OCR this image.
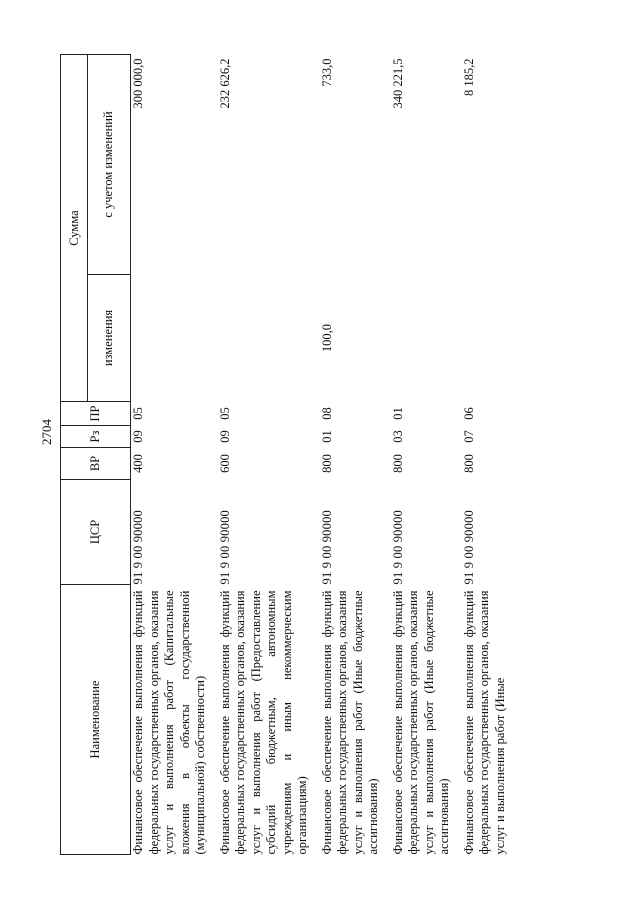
2704
Наименование	ЦСР	ВР	Рз	ПР	Сумма	
					изменения	с учетом изменений
Финансовое обеспечение выполнения функций федеральных государственных органов, оказания услуг и выполнения работ (Капитальные вложения в объекты государственной (муниципальной) собственности)	91 9 00 90000	400	09	05		300 000,0
Финансовое обеспечение выполнения функций федеральных государственных органов, оказания услуг и выполнения работ (Предоставление субсидий бюджетным, автономным учреждениям и иным некоммерческим организациям)	91 9 00 90000	600	09	05		232 626,2
Финансовое обеспечение выполнения функций федеральных государственных органов, оказания услуг и выполнения работ (Иные бюджетные ассигнования)	91 9 00 90000	800	01	08	100,0	733,0
Финансовое обеспечение выполнения функций федеральных государственных органов, оказания услуг и выполнения работ (Иные бюджетные ассигнования)	91 9 00 90000	800	03	01		340 221,5
Финансовое обеспечение выполнения функций федеральных государственных органов, оказания услуг и выполнения работ (Иные	91 9 00 90000	800	07	06		8 185,2
